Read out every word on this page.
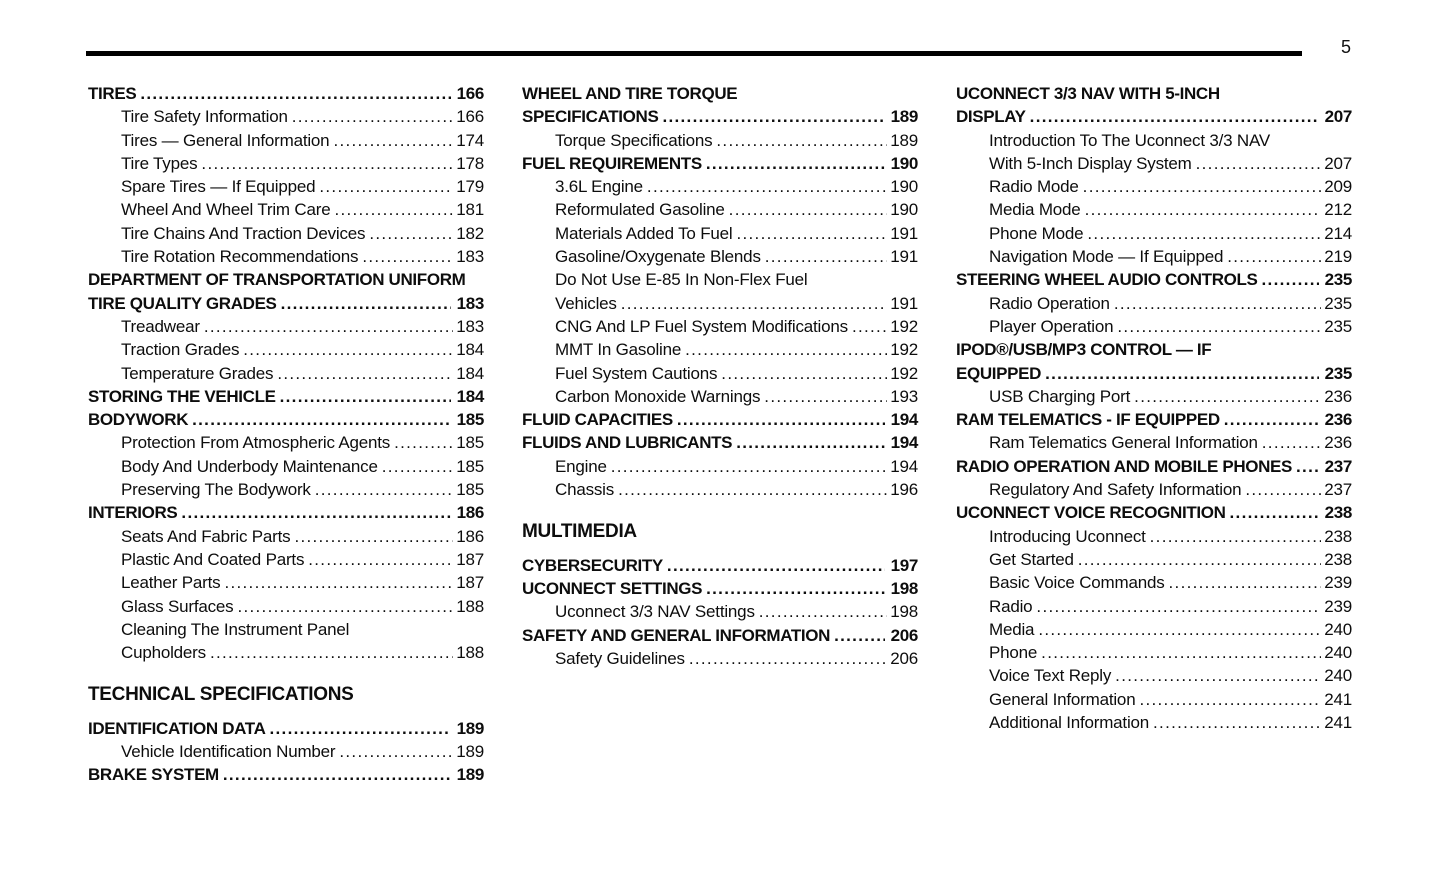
5
TIRES .....	166
Tire Safety Information .....	166
Tires — General Information .....	174
Tire Types .....	178
Spare Tires — If Equipped .....	179
Wheel And Wheel Trim Care .....	181
Tire Chains And Traction Devices .....	182
Tire Rotation Recommendations .....	183
DEPARTMENT OF TRANSPORTATION UNIFORM
TIRE QUALITY GRADES .....	183
Treadwear .....	183
Traction Grades .....	184
Temperature Grades .....	184
STORING THE VEHICLE .....	184
BODYWORK .....	185
Protection From Atmospheric Agents .....	185
Body And Underbody Maintenance .....	185
Preserving The Bodywork .....	185
INTERIORS .....	186
Seats And Fabric Parts .....	186
Plastic And Coated Parts .....	187
Leather Parts .....	187
Glass Surfaces .....	188
Cleaning The Instrument Panel
Cupholders .....	188
TECHNICAL SPECIFICATIONS
IDENTIFICATION DATA .....	189
Vehicle Identification Number .....	189
BRAKE SYSTEM .....	189
WHEEL AND TIRE TORQUE
SPECIFICATIONS .....	189
Torque Specifications .....	189
FUEL REQUIREMENTS .....	190
3.6L Engine .....	190
Reformulated Gasoline .....	190
Materials Added To Fuel .....	191
Gasoline/Oxygenate Blends .....	191
Do Not Use E-85 In Non-Flex Fuel
Vehicles .....	191
CNG And LP Fuel System Modifications ..... 192
MMT In Gasoline .....	192
Fuel System Cautions .....	192
Carbon Monoxide Warnings .....	193
FLUID CAPACITIES .....	194
FLUIDS AND LUBRICANTS .....	194
Engine .....	194
Chassis .....	196
MULTIMEDIA
CYBERSECURITY .....	197
UCONNECT SETTINGS .....	198
Uconnect 3/3 NAV Settings .....	198
SAFETY AND GENERAL INFORMATION .....	206
Safety Guidelines .....	206
UCONNECT 3/3 NAV WITH 5-INCH
DISPLAY .....	207
Introduction To The Uconnect 3/3 NAV
With 5-Inch Display System .....	207
Radio Mode .....	209
Media Mode .....	212
Phone Mode .....	214
Navigation Mode — If Equipped .....	219
STEERING WHEEL AUDIO CONTROLS .....	235
Radio Operation .....	235
Player Operation .....	235
IPOD®/USB/MP3 CONTROL — IF
EQUIPPED .....	235
USB Charging Port .....	236
RAM TELEMATICS - IF EQUIPPED .....	236
Ram Telematics General Information .....	236
RADIO OPERATION AND MOBILE PHONES ..... 237
Regulatory And Safety Information .....	237
UCONNECT VOICE RECOGNITION .....	238
Introducing Uconnect .....	238
Get Started .....	238
Basic Voice Commands .....	239
Radio .....	239
Media .....	240
Phone .....	240
Voice Text Reply .....	240
General Information .....	241
Additional Information .....	241
